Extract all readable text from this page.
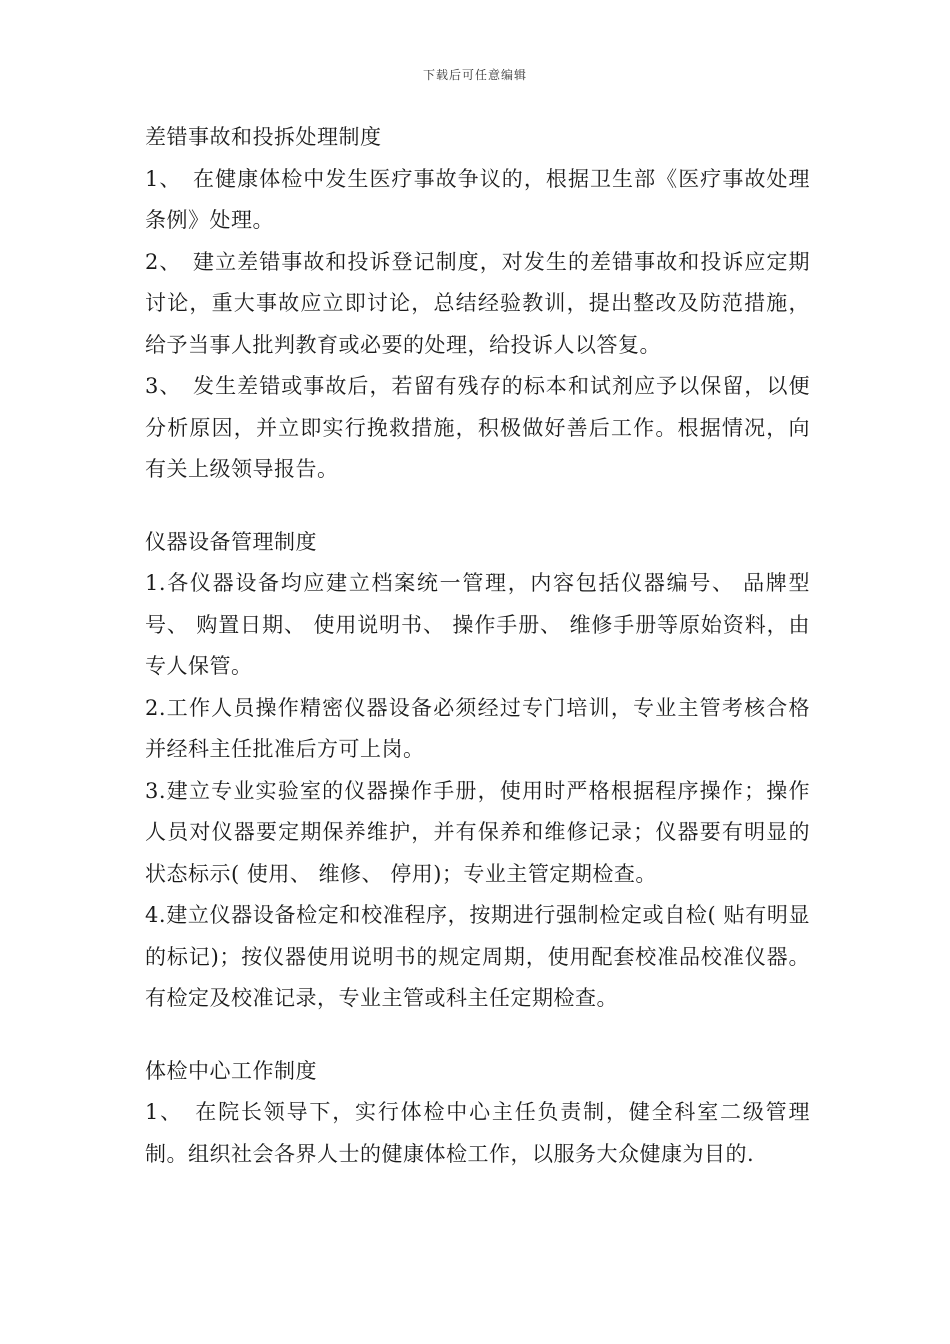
下载后可任意编辑

差错事故和投拆处理制度

1、　在健康体检中发生医疗事故争议的，根据卫生部《医疗事故处理条例》处理。

2、　建立差错事故和投诉登记制度，对发生的差错事故和投诉应定期讨论，重大事故应立即讨论，总结经验教训，提出整改及防范措施，给予当事人批判教育或必要的处理，给投诉人以答复。

3、　发生差错或事故后，若留有残存的标本和试剂应予以保留，以便分析原因，并立即实行挽救措施，积极做好善后工作。根据情况，向有关上级领导报告。

仪器设备管理制度

1.各仪器设备均应建立档案统一管理，内容包括仪器编号、 品牌型号、 购置日期、 使用说明书、 操作手册、 维修手册等原始资料，由专人保管。

2.工作人员操作精密仪器设备必须经过专门培训，专业主管考核合格并经科主任批准后方可上岗。

3.建立专业实验室的仪器操作手册，使用时严格根据程序操作；操作人员对仪器要定期保养维护，并有保养和维修记录；仪器要有明显的状态标示( 使用、 维修、 停用)；专业主管定期检查。

4.建立仪器设备检定和校准程序，按期进行强制检定或自检( 贴有明显的标记)；按仪器使用说明书的规定周期，使用配套校准品校准仪器。有检定及校准记录，专业主管或科主任定期检查。

体检中心工作制度

1、　在院长领导下，实行体检中心主任负责制，健全科室二级管理制。组织社会各界人士的健康体检工作，以服务大众健康为目的.
